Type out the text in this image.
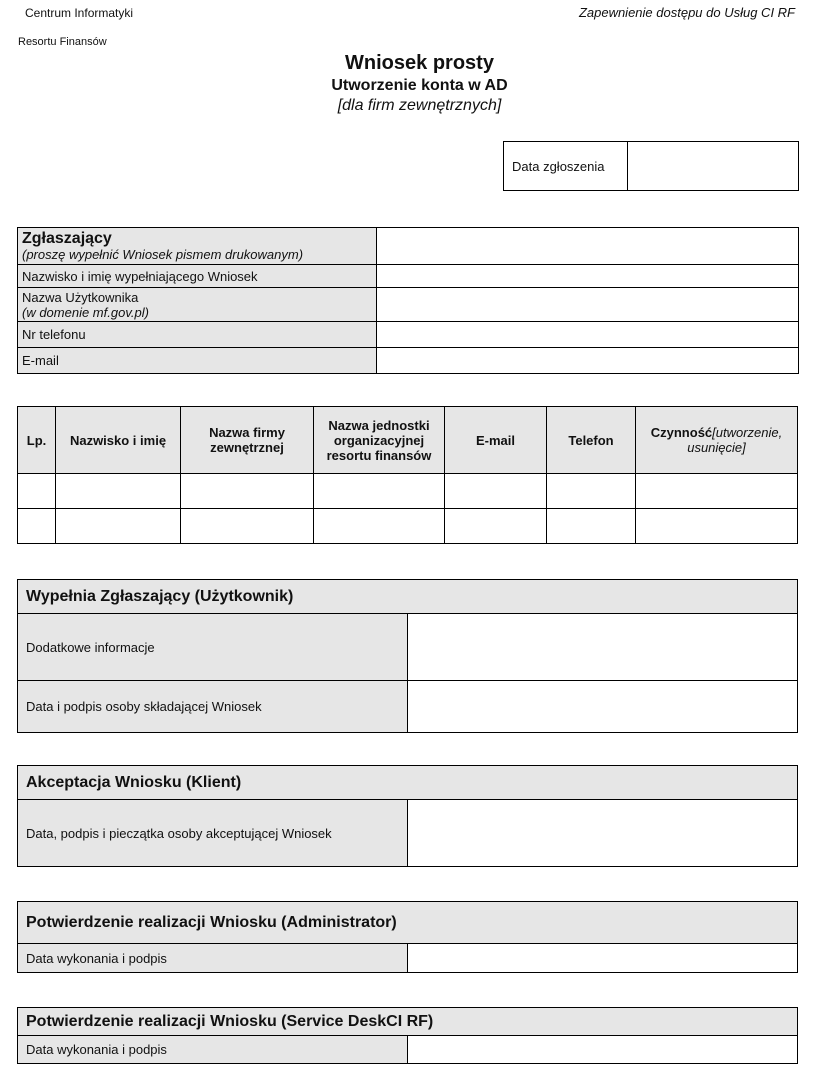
Centrum Informatyki
Resortu Finansów
Zapewnienie dostępu do Usług CI RF
Wniosek prosty
Utworzenie konta w AD
[dla firm zewnętrznych]
Data zgłoszenia	
Zgłaszający
(proszę wypełnić Wniosek pismem drukowanym)	

Nazwisko i imię wypełniającego Wniosek	

Nazwa Użytkownika
(w domenie mf.gov.pl)	

Nr telefonu	
E-mail	
Lp.	Nazwisko i imię	Nazwa firmy zewnętrznej	Nazwa jednostki organizacyjnej resortu finansów	E-mail	Telefon	Czynność[utworzenie, usunięcie]

Wypełnia Zgłaszający (Użytkownik)	
Dodatkowe informacje	
Data i podpis osoby składającej Wniosek	
Akceptacja Wniosku (Klient)
Data, podpis i pieczątka osoby akceptującej Wniosek	
Potwierdzenie realizacji Wniosku (Administrator)
Data wykonania i podpis	
Potwierdzenie realizacji Wniosku (Service DeskCI RF)
Data wykonania i podpis	
